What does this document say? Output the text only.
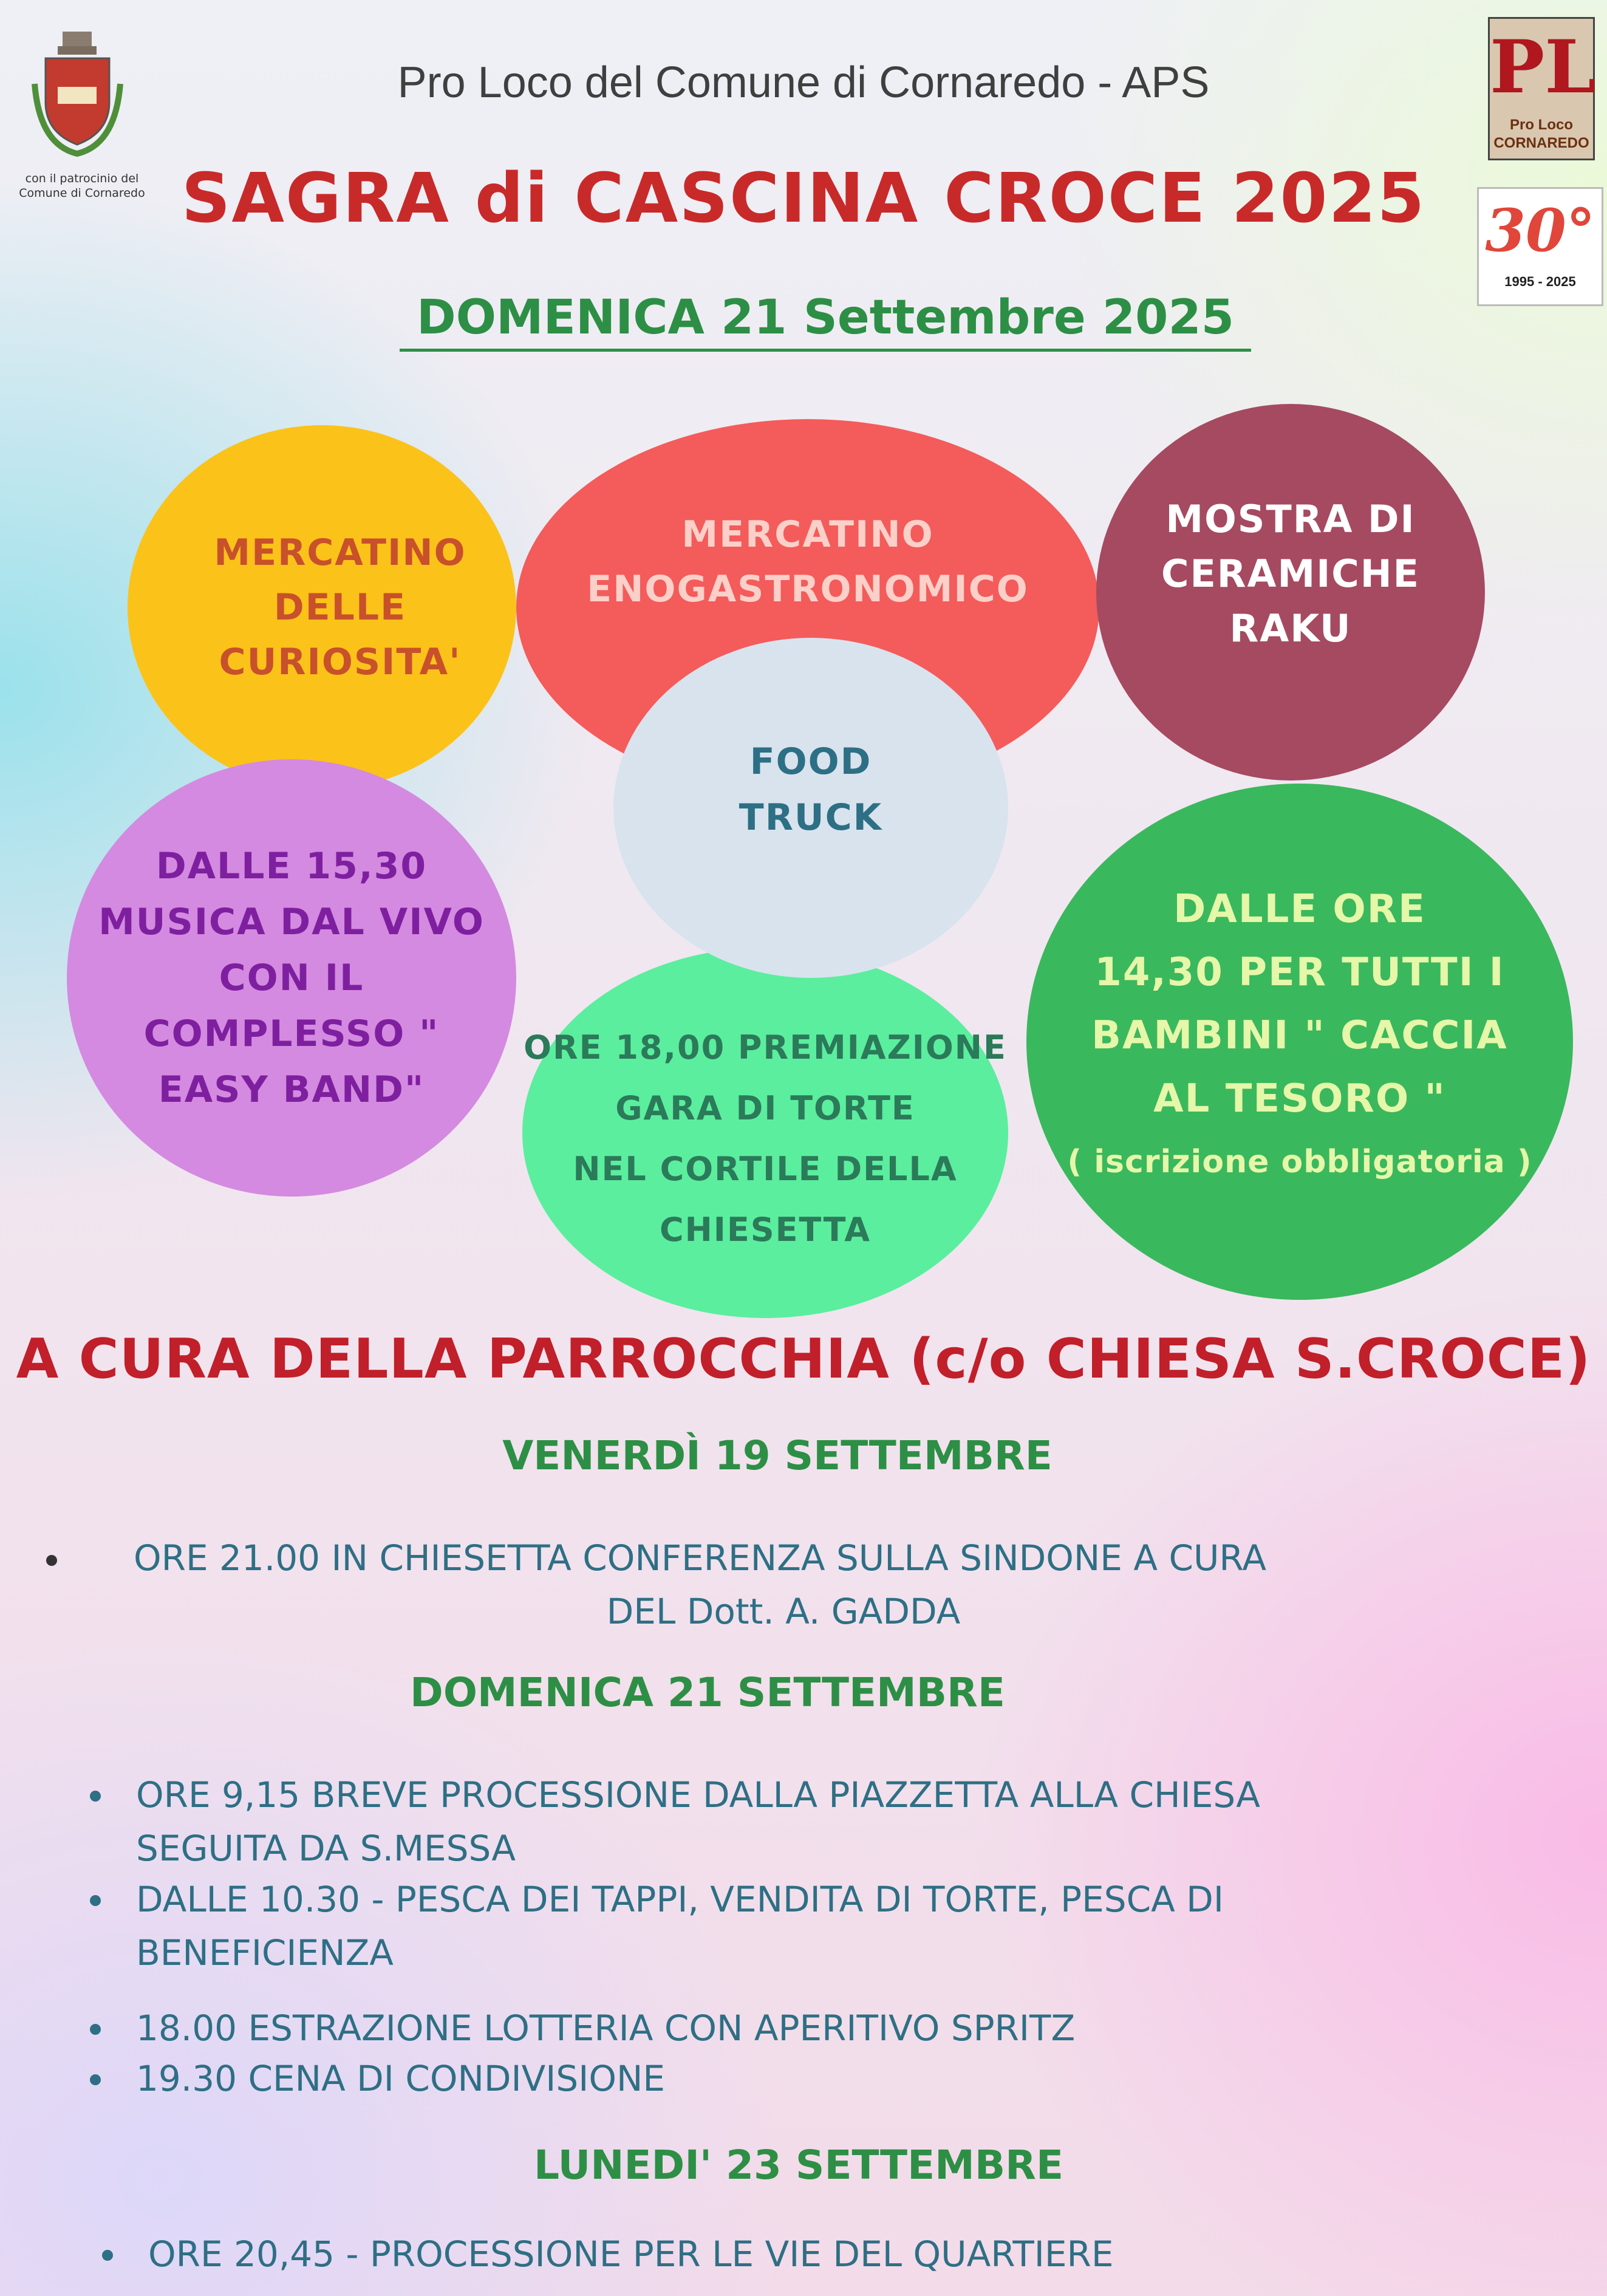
con il patrocinio del
Comune di Cornaredo
Pro Loco del Comune di Cornaredo - APS
SAGRA di CASCINA CROCE 2025
DOMENICA 21 Settembre 2025
PL
Pro Loco
CORNAREDO
30°
1995 - 2025
MERCATINO
DELLE
CURIOSITA'
MERCATINO
ENOGASTRONOMICO
MOSTRA DI
CERAMICHE
RAKU
DALLE 15,30
MUSICA DAL VIVO
CON IL
COMPLESSO "
EASY BAND"
ORE 18,00 PREMIAZIONE
GARA DI TORTE
NEL CORTILE DELLA
CHIESETTA
DALLE ORE
14,30 PER TUTTI I
BAMBINI " CACCIA
AL TESORO "

( iscrizione obbligatoria )
FOOD
TRUCK
A CURA DELLA PARROCCHIA (c/o CHIESA S.CROCE)
VENERDÌ 19 SETTEMBRE
ORE 21.00 IN CHIESETTA CONFERENZA SULLA SINDONE A CURA
DEL Dott. A. GADDA
DOMENICA 21 SETTEMBRE
ORE 9,15 BREVE PROCESSIONE DALLA PIAZZETTA ALLA CHIESA
SEGUITA DA S.MESSA
DALLE 10.30 - PESCA DEI TAPPI, VENDITA DI TORTE, PESCA DI
BENEFICIENZA
18.00 ESTRAZIONE LOTTERIA CON APERITIVO SPRITZ
19.30 CENA DI CONDIVISIONE
LUNEDI' 23 SETTEMBRE
ORE 20,45 - PROCESSIONE PER LE VIE DEL QUARTIERE
